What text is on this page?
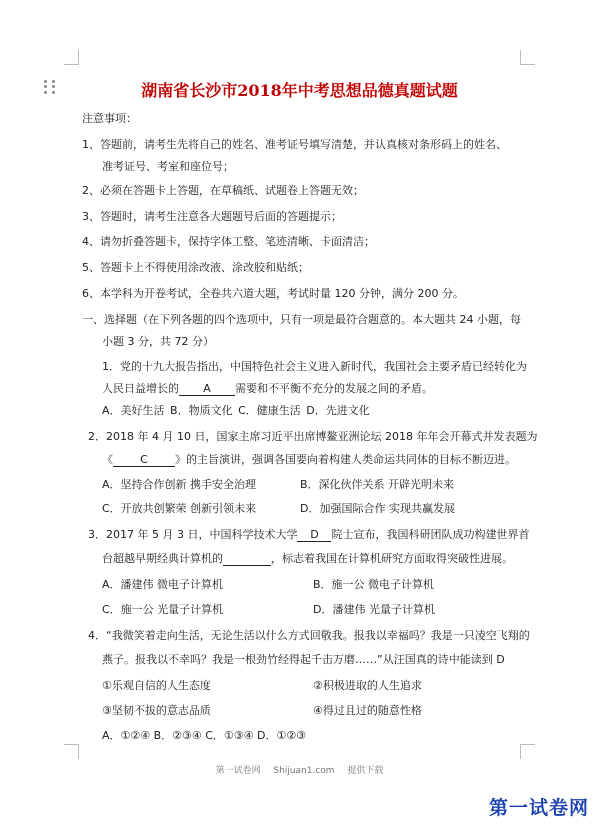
湖南省长沙市2018年中考思想品德真题试题
注意事项：
1、答题前，请考生先将自己的姓名、准考证号填写清楚，并认真核对条形码上的姓名、
准考证号、考室和座位号；
2、必须在答题卡上答题，在草稿纸、试题卷上答题无效；
3、答题时，请考生注意各大题题号后面的答题提示；
4、请勿折叠答题卡，保持字体工整、笔迹清晰、卡面清洁；
5、答题卡上不得使用涂改液、涂改胶和贴纸；
6、本学科为开卷考试，全卷共六道大题，考试时量 120 分钟，满分 200 分。
一、选择题（在下列各题的四个选项中，只有一项是最符合题意的。本大题共 24 小题，每
小题 3 分，共 72 分）
1．党的十九大报告指出，中国特色社会主义进入新时代，我国社会主要矛盾已经转化为
人民日益增长的 A 需要和不平衡不充分的发展之间的矛盾。
A．美好生活 B．物质文化 C．健康生活 D．先进文化
2．2018 年 4 月 10 日，国家主席习近平出席博鳌亚洲论坛 2018 年年会开幕式并发表题为
《 C 》的主旨演讲，强调各国要向着构建人类命运共同体的目标不断迈进。
A．坚持合作创新 携手安全治理	B．深化伙伴关系 开辟光明未来
C．开放共创繁荣 创新引领未来	D．加强国际合作 实现共赢发展
3．2017 年 5 月 3 日，中国科学技术大学 D 院士宣布，我国科研团队成功构建世界首
台超越早期经典计算机的	，标志着我国在计算机研究方面取得突破性进展。
A．潘建伟 微电子计算机	B．施一公 微电子计算机
C．施一公 光量子计算机	D．潘建伟 光量子计算机
4．“我微笑着走向生活，无论生活以什么方式回敬我。报我以幸福吗？我是一只凌空飞翔的
燕子。报我以不幸吗？我是一根劲竹经得起千击万磨……”从汪国真的诗中能读到 D
①乐观自信的人生态度	②积极进取的人生追求
③坚韧不拔的意志品质	④得过且过的随意性格
A．①②④ B．②③④ C．①③④ D．①②③
第一试卷网 Shijuan1.com 提供下载
第一试卷网
